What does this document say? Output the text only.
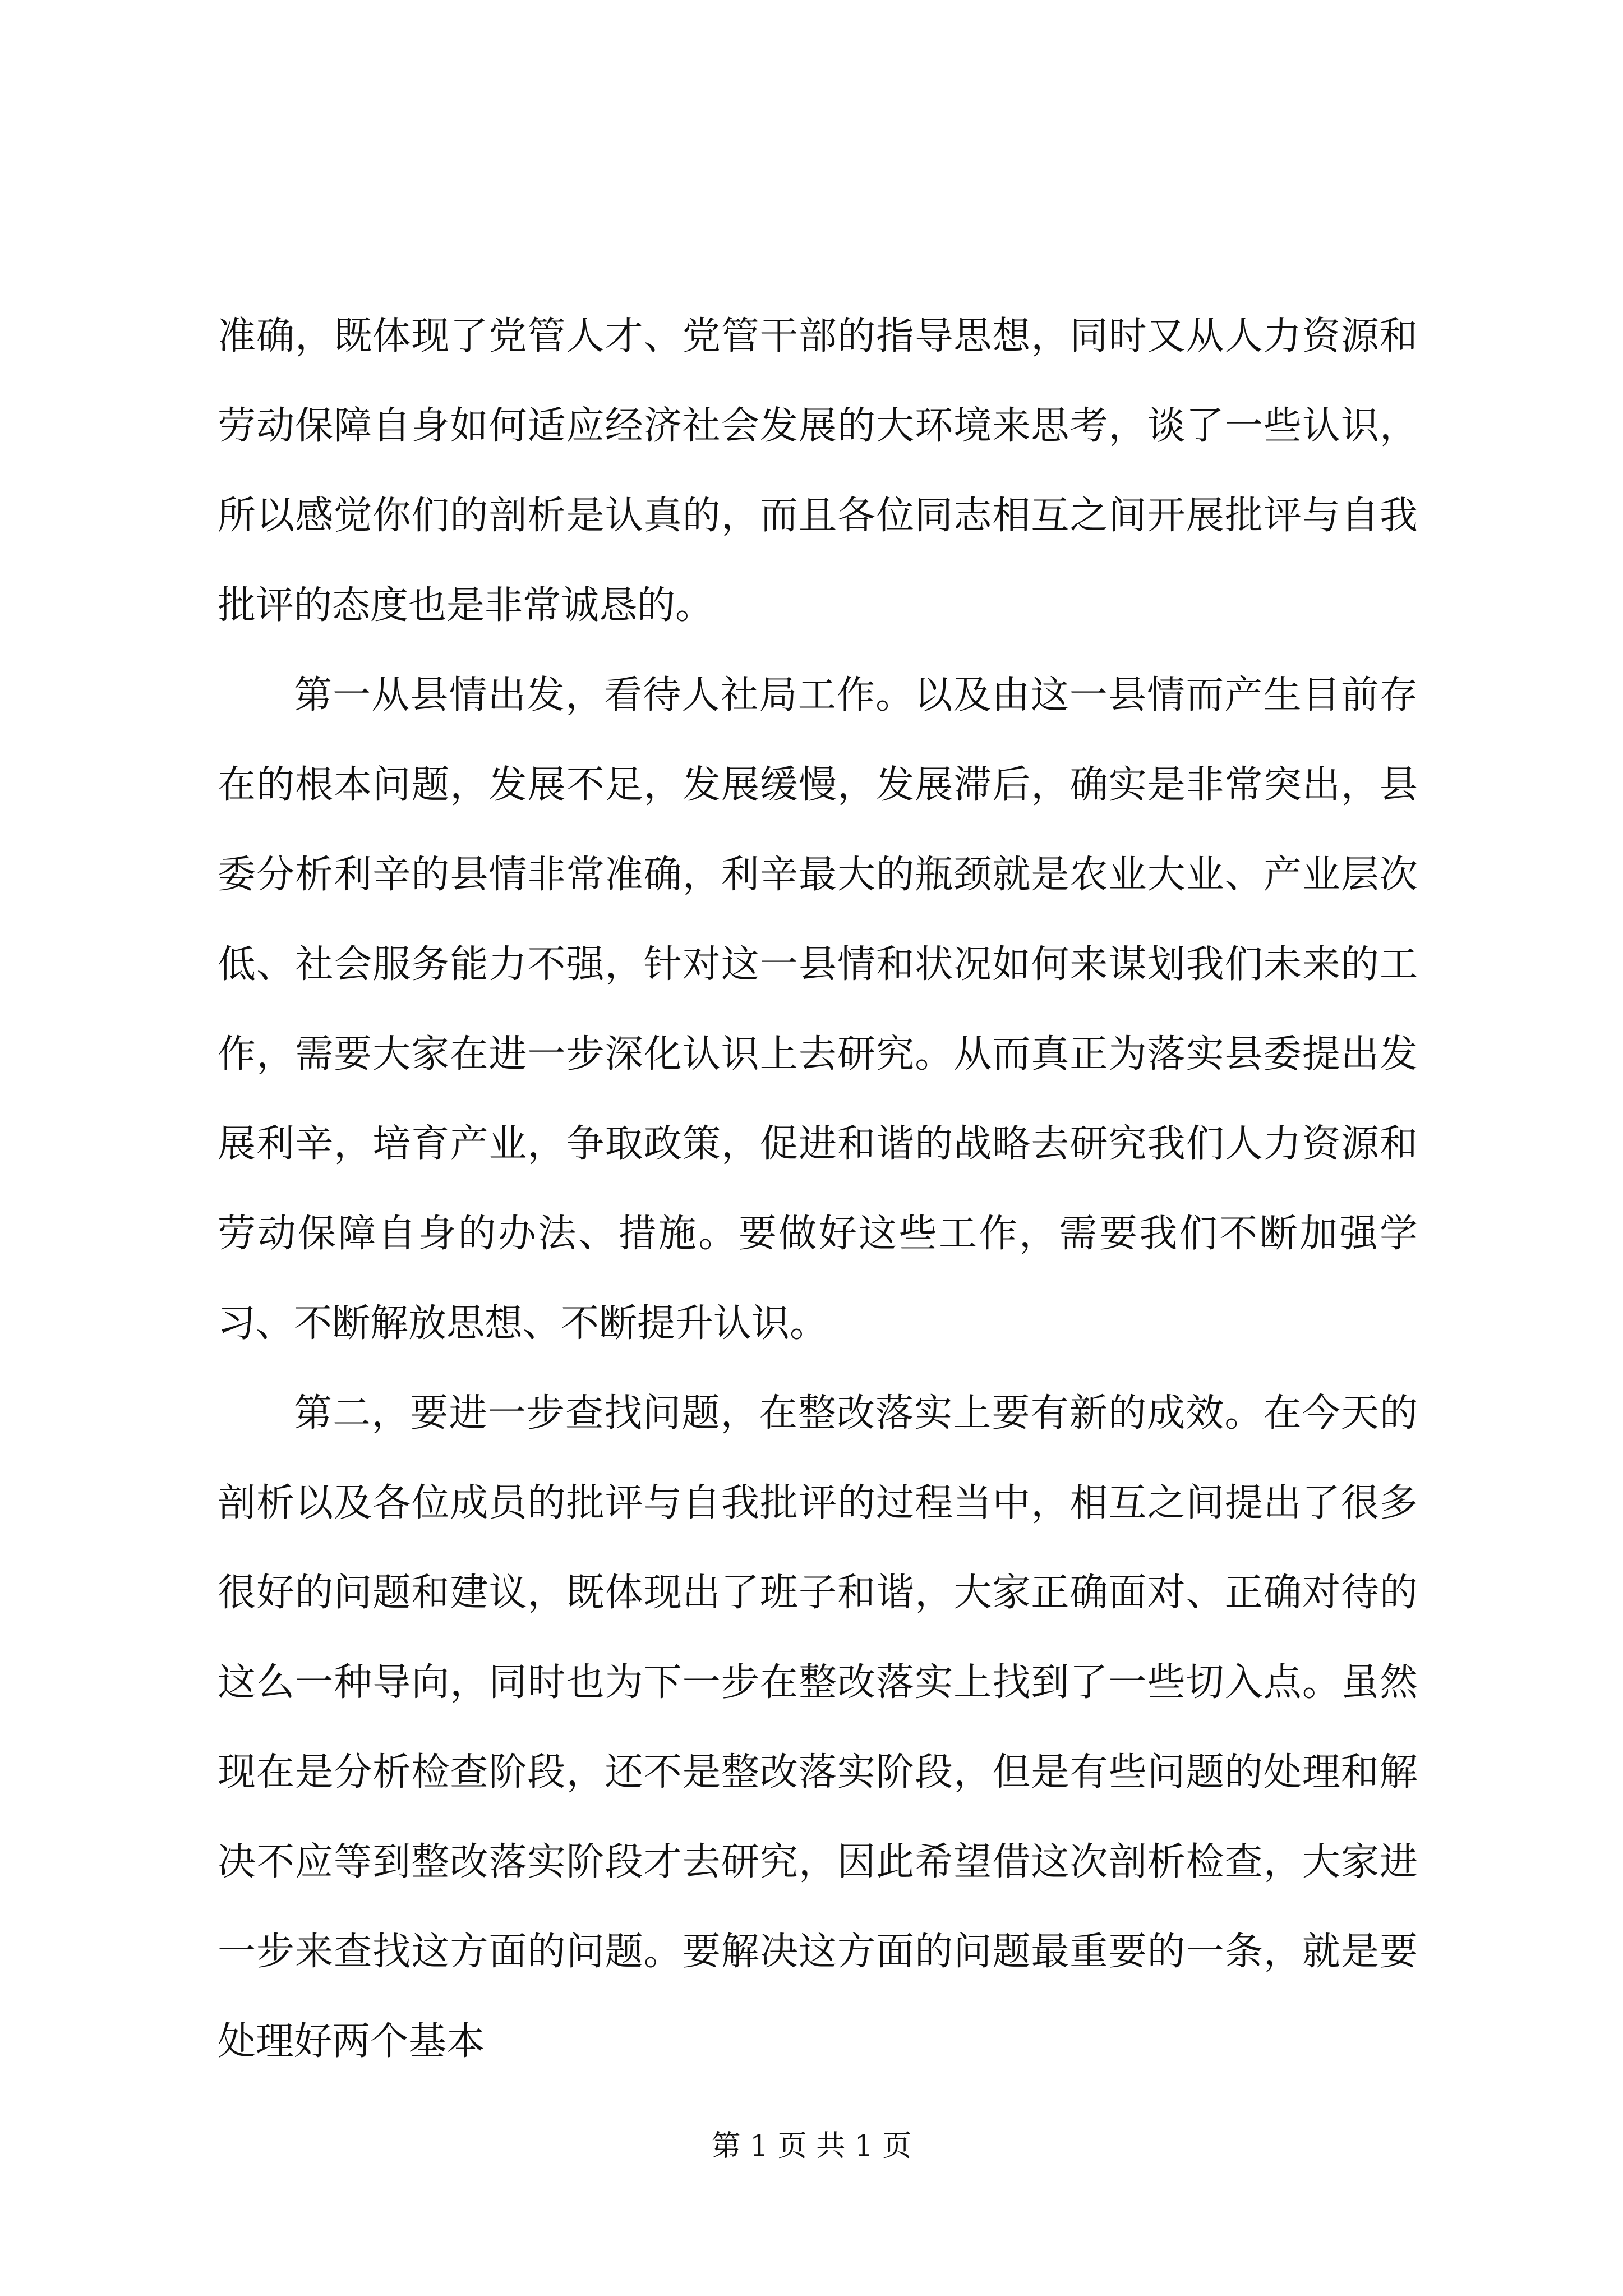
准确，既体现了党管人才、党管干部的指导思想，同时又从人力资源和劳动保障自身如何适应经济社会发展的大环境来思考，谈了一些认识，所以感觉你们的剖析是认真的，而且各位同志相互之间开展批评与自我批评的态度也是非常诚恳的。

第一从县情出发，看待人社局工作。以及由这一县情而产生目前存在的根本问题，发展不足，发展缓慢，发展滞后，确实是非常突出，县委分析利辛的县情非常准确，利辛最大的瓶颈就是农业大业、产业层次低、社会服务能力不强，针对这一县情和状况如何来谋划我们未来的工作，需要大家在进一步深化认识上去研究。从而真正为落实县委提出发展利辛，培育产业，争取政策，促进和谐的战略去研究我们人力资源和劳动保障自身的办法、措施。要做好这些工作，需要我们不断加强学习、不断解放思想、不断提升认识。

第二，要进一步查找问题，在整改落实上要有新的成效。在今天的剖析以及各位成员的批评与自我批评的过程当中，相互之间提出了很多很好的问题和建议，既体现出了班子和谐，大家正确面对、正确对待的这么一种导向，同时也为下一步在整改落实上找到了一些切入点。虽然现在是分析检查阶段，还不是整改落实阶段，但是有些问题的处理和解决不应等到整改落实阶段才去研究，因此希望借这次剖析检查，大家进一步来查找这方面的问题。要解决这方面的问题最重要的一条，就是要处理好两个基本

第 1 页 共 1 页
